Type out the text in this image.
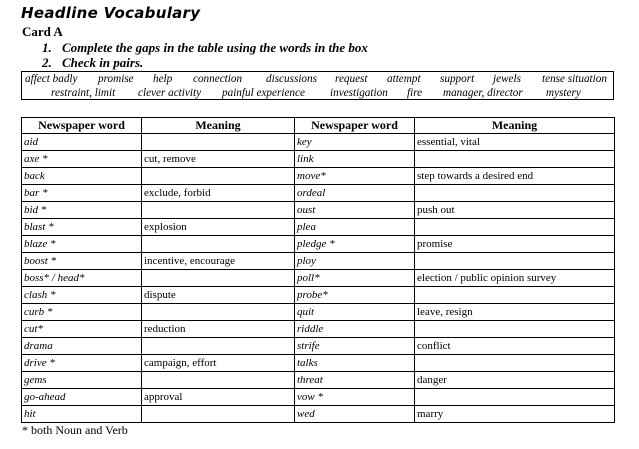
Headline Vocabulary
Card A
1. Complete the gaps in the table using the words in the box
2. Check in pairs.
affect badly promise help connection discussions request attempt support jewels tense situation
restraint, limit clever activity painful experience investigation fire manager, director mystery
Newspaper word	Meaning	Newspaper word	Meaning
aid		key	essential, vital
axe *	cut, remove	link	
back		move*	step towards a desired end
bar *	exclude, forbid	ordeal	
bid *		oust	push out
blast *	explosion	plea	
blaze *		pledge *	promise
boost *	incentive, encourage	ploy	
boss* / head*		poll*	election / public opinion survey
clash *	dispute	probe*	
curb *		quit	leave, resign
cut*	reduction	riddle	
drama		strife	conflict
drive *	campaign, effort	talks	
gems		threat	danger
go-ahead	approval	vow *	
hit		wed	marry
* both Noun and Verb
